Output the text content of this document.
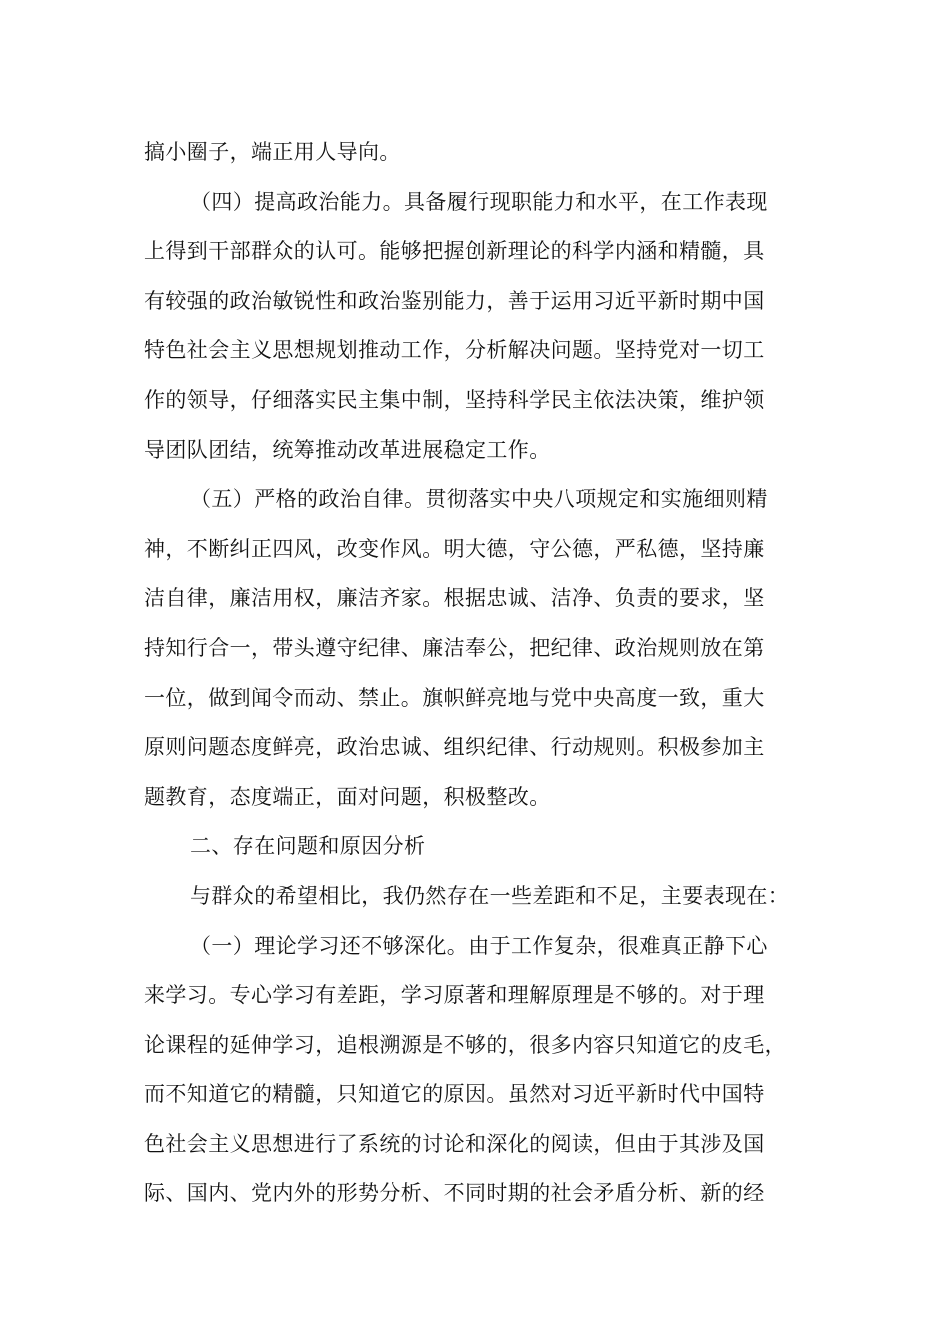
搞小圈子，端正用人导向。
（四）提高政治能力。具备履行现职能力和水平，在工作表现
上得到干部群众的认可。能够把握创新理论的科学内涵和精髓，具
有较强的政治敏锐性和政治鉴别能力，善于运用习近平新时期中国
特色社会主义思想规划推动工作，分析解决问题。坚持党对一切工
作的领导，仔细落实民主集中制，坚持科学民主依法决策，维护领
导团队团结，统筹推动改革进展稳定工作。
（五）严格的政治自律。贯彻落实中央八项规定和实施细则精
神，不断纠正四风，改变作风。明大德，守公德，严私德，坚持廉
洁自律，廉洁用权，廉洁齐家。根据忠诚、洁净、负责的要求，坚
持知行合一，带头遵守纪律、廉洁奉公，把纪律、政治规则放在第
一位，做到闻令而动、禁止。旗帜鲜亮地与党中央高度一致，重大
原则问题态度鲜亮，政治忠诚、组织纪律、行动规则。积极参加主
题教育，态度端正，面对问题，积极整改。
二、存在问题和原因分析
与群众的希望相比，我仍然存在一些差距和不足，主要表现在：
（一）理论学习还不够深化。由于工作复杂，很难真正静下心
来学习。专心学习有差距，学习原著和理解原理是不够的。对于理
论课程的延伸学习，追根溯源是不够的，很多内容只知道它的皮毛，
而不知道它的精髓，只知道它的原因。虽然对习近平新时代中国特
色社会主义思想进行了系统的讨论和深化的阅读，但由于其涉及国
际、国内、党内外的形势分析、不同时期的社会矛盾分析、新的经
